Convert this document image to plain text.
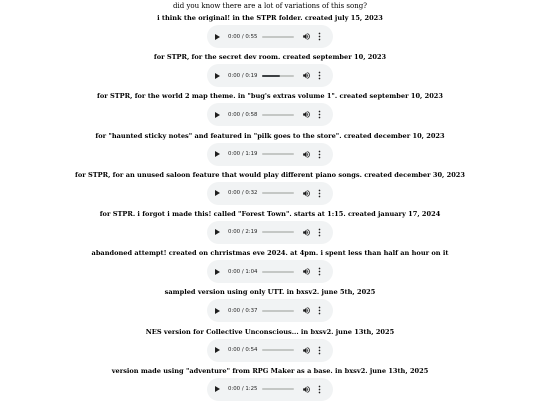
did you know there are a lot of variations of this song?

i think the original! in the STPR folder. created july 15, 2023
0:00 / 0:55
for STPR, for the secret dev room. created september 10, 2023
0:00 / 0:19
for STPR, for the world 2 map theme. in "bug's extras volume 1". created september 10, 2023
0:00 / 0:58
for "haunted sticky notes" and featured in "pilk goes to the store". created december 10, 2023
0:00 / 1:19
for STPR, for an unused saloon feature that would play different piano songs. created december 30, 2023
0:00 / 0:32
for STPR. i forgot i made this! called "Forest Town". starts at 1:15. created january 17, 2024
0:00 / 2:19
abandoned attempt! created on chrristmas eve 2024. at 4pm. i spent less than half an hour on it
0:00 / 1:04
sampled version using only UTT. in bxsv2. june 5th, 2025
0:00 / 0:37
NES version for Collective Unconscious... in bxsv2. june 13th, 2025
0:00 / 0:54
version made using "adventure" from RPG Maker as a base. in bxsv2. june 13th, 2025
0:00 / 1:25
